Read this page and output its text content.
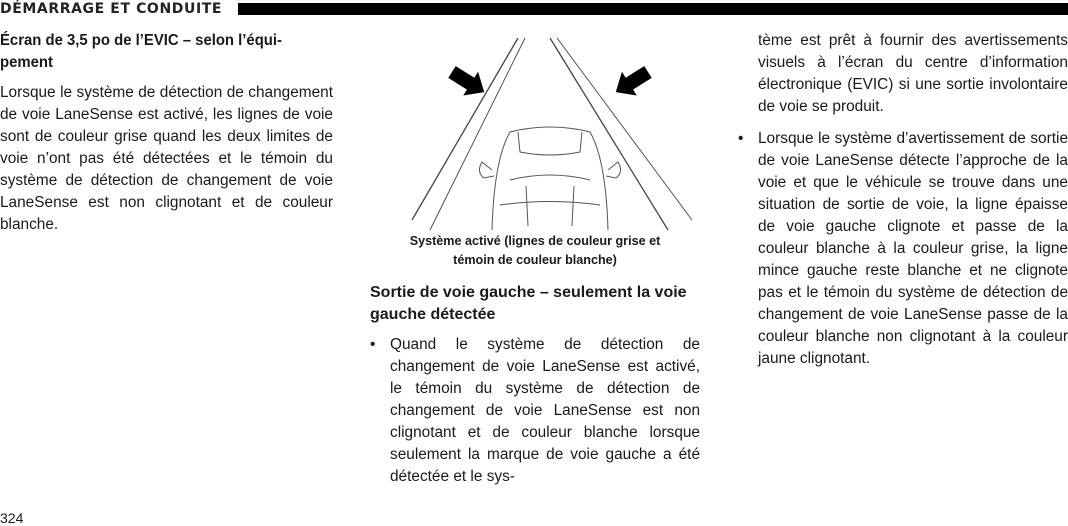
DÉMARRAGE ET CONDUITE
Écran de 3,5 po de l’EVIC – selon l’équi-pement

Lorsque le système de détection de changement de voie LaneSense est activé, les lignes de voie sont de couleur grise quand les deux limites de voie n’ont pas été détectées et le témoin du système de détection de changement de voie LaneSense est non clignotant et de couleur blanche.

Système activé (lignes de couleur grise et
témoin de couleur blanche)
Sortie de voie gauche – seulement la voie gauche détectée
• Quand le système de détection de changement de voie LaneSense est activé, le témoin du système de détection de changement de voie LaneSense est non clignotant et de couleur blanche lorsque seulement la marque de voie gauche a été détectée et le sys-
tème est prêt à fournir des avertissements visuels à l’écran du centre d’information électronique (EVIC) si une sortie involontaire de voie se produit.
• Lorsque le système d’avertissement de sortie de voie LaneSense détecte l’approche de la voie et que le véhicule se trouve dans une situation de sortie de voie, la ligne épaisse de voie gauche clignote et passe de la couleur blanche à la couleur grise, la ligne mince gauche reste blanche et ne clignote pas et le témoin du système de détection de changement de voie LaneSense passe de la couleur blanche non clignotant à la couleur jaune clignotant.
324
